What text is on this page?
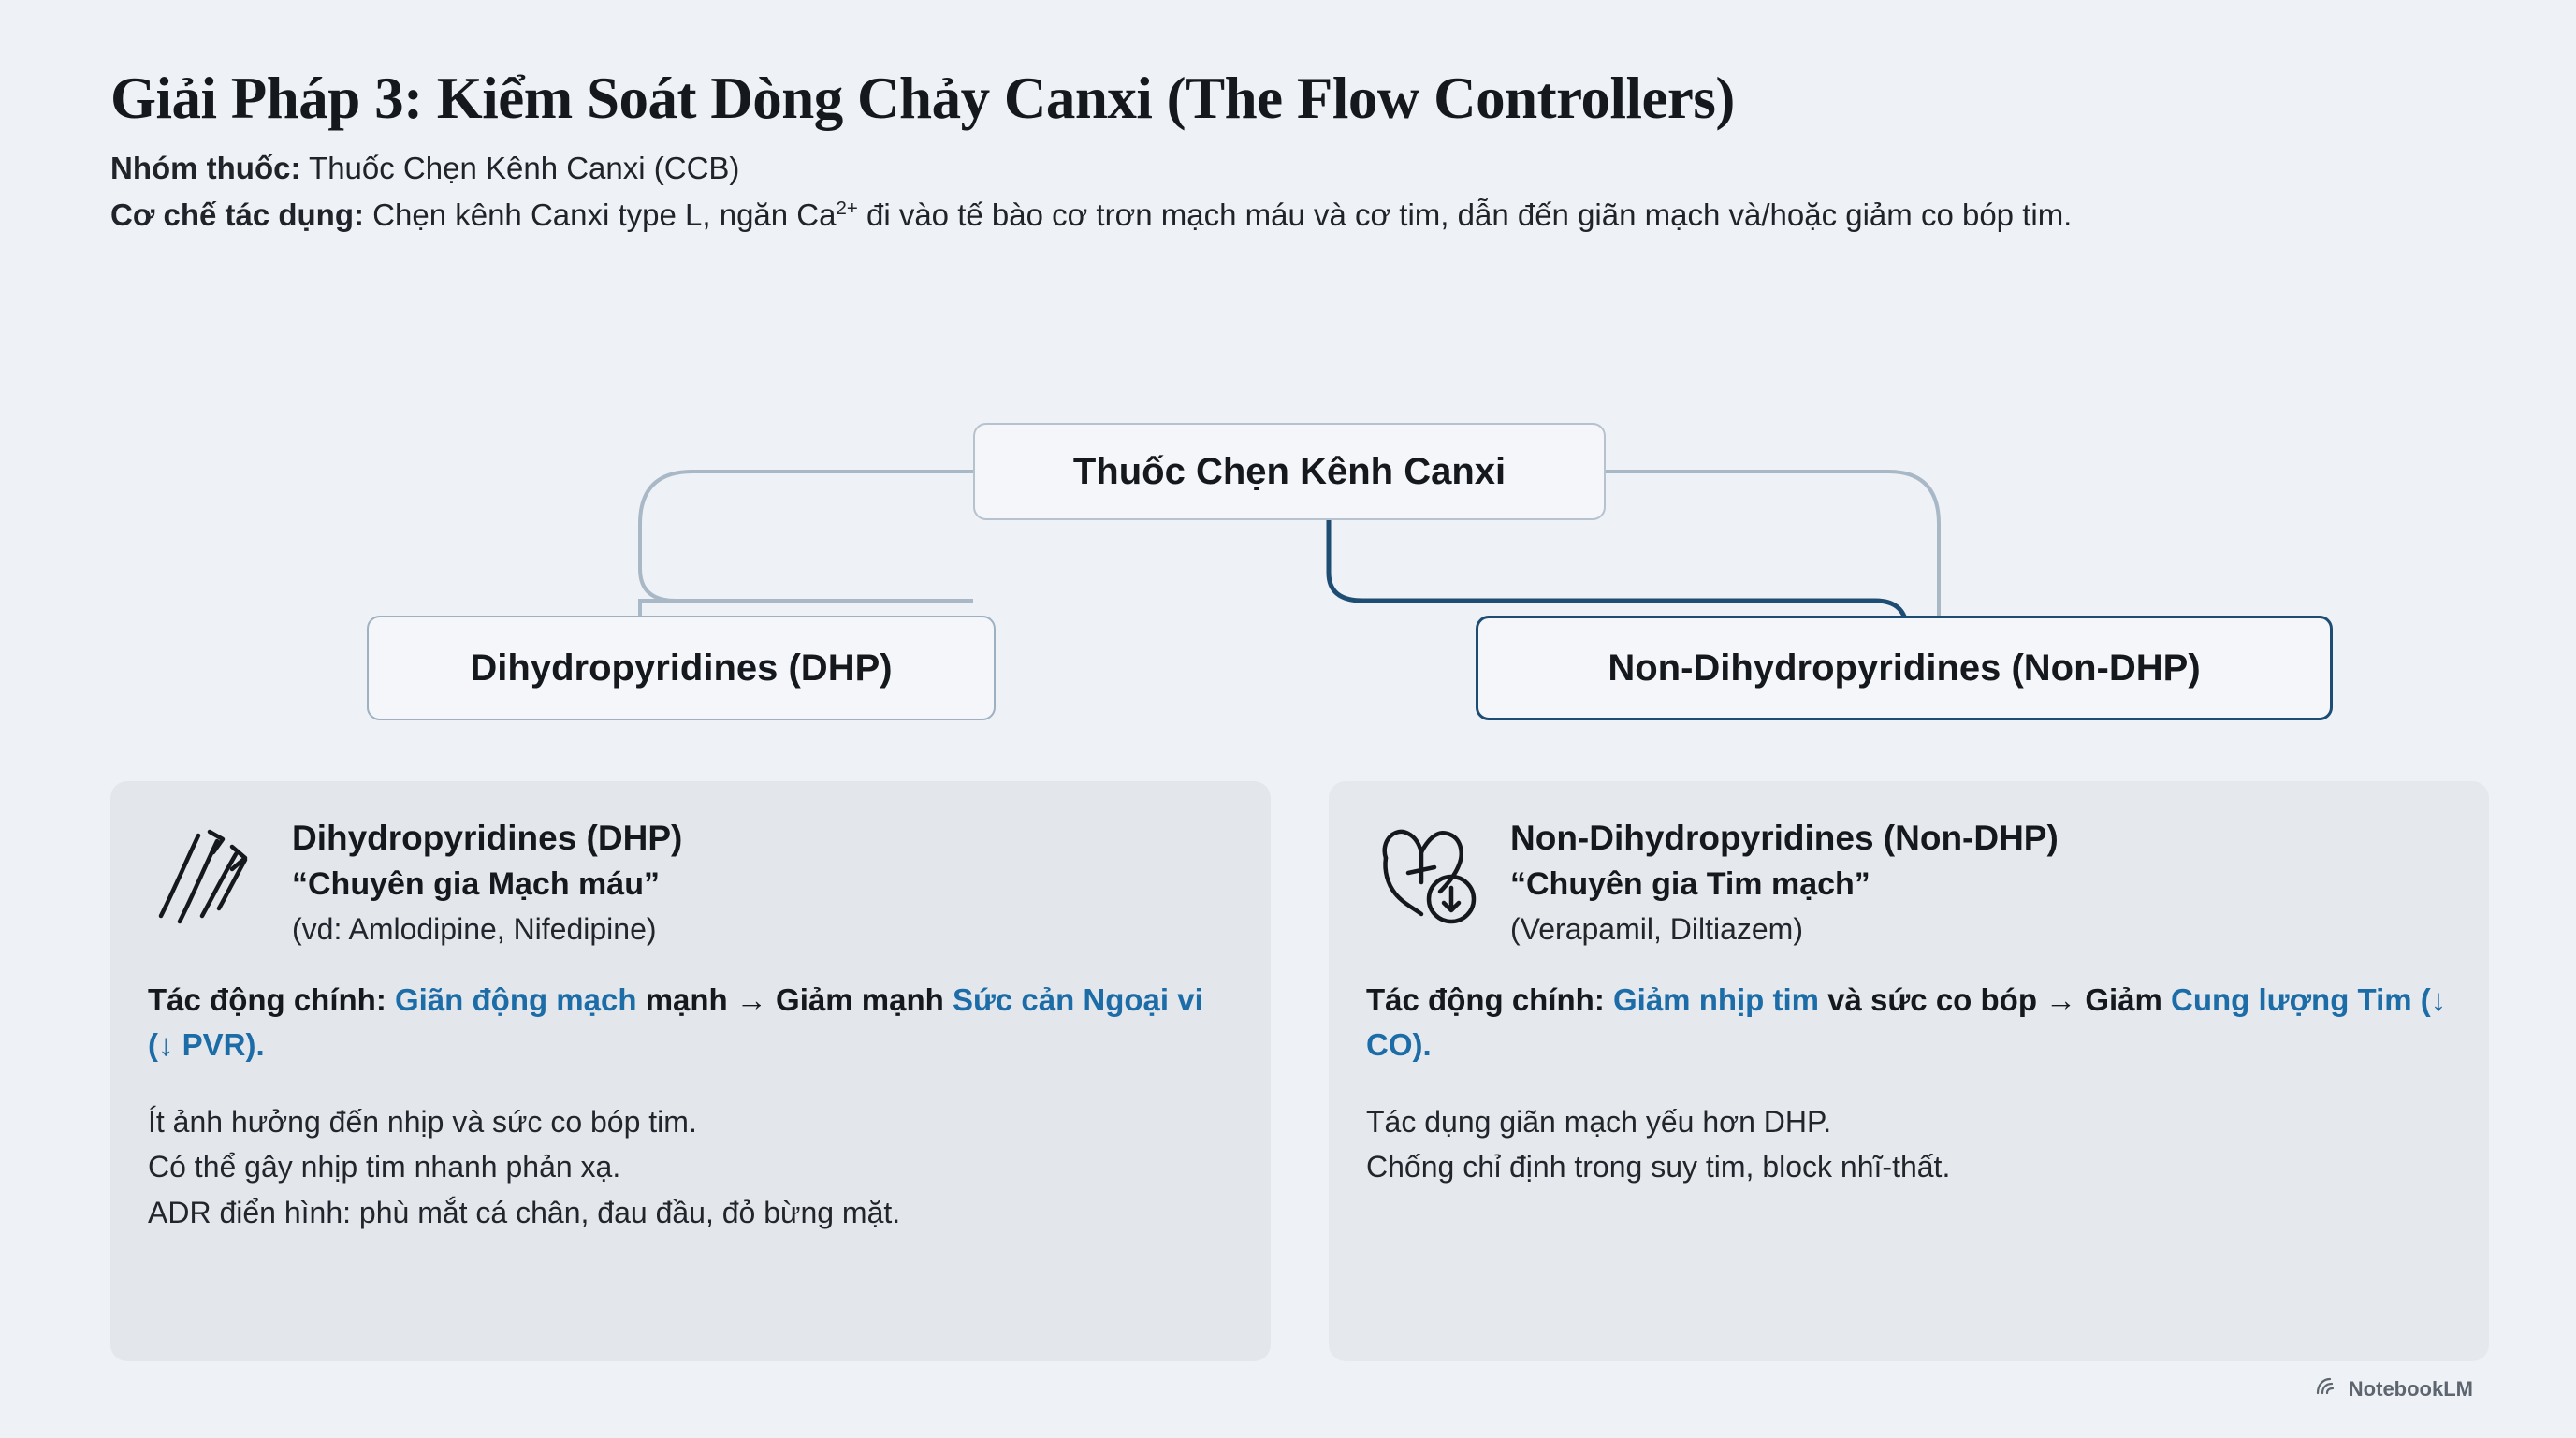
Giải Pháp 3: Kiểm Soát Dòng Chảy Canxi (The Flow Controllers)
Nhóm thuốc: Thuốc Chẹn Kênh Canxi (CCB)
Cơ chế tác dụng: Chẹn kênh Canxi type L, ngăn $Ca^{2+}$ đi vào tế bào cơ trơn mạch máu và cơ tim, dẫn đến giãn mạch và/hoặc giảm co bóp tim.
Thuốc Chẹn Kênh Canxi
Dihydropyridines (DHP)	Non-Dihydropyridines (Non-DHP)
Dihydropyridines (DHP)
“Chuyên gia Mạch máu”
(vd: Amlodipine, Nifedipine)
Tác động chính: Giãn động mạch mạnh → Giảm mạnh Sức cản Ngoại vi (↓ PVR).
Ít ảnh hưởng đến nhịp và sức co bóp tim.
Có thể gây nhịp tim nhanh phản xạ.
ADR điển hình: phù mắt cá chân, đau đầu, đỏ bừng mặt.
Non-Dihydropyridines (Non-DHP)
“Chuyên gia Tim mạch”
(Verapamil, Diltiazem)
Tác động chính: Giảm nhịp tim và sức co bóp → Giảm Cung lượng Tim (↓ CO).
Tác dụng giãn mạch yếu hơn DHP.
Chống chỉ định trong suy tim, block nhĩ-thất.
NotebookLM
